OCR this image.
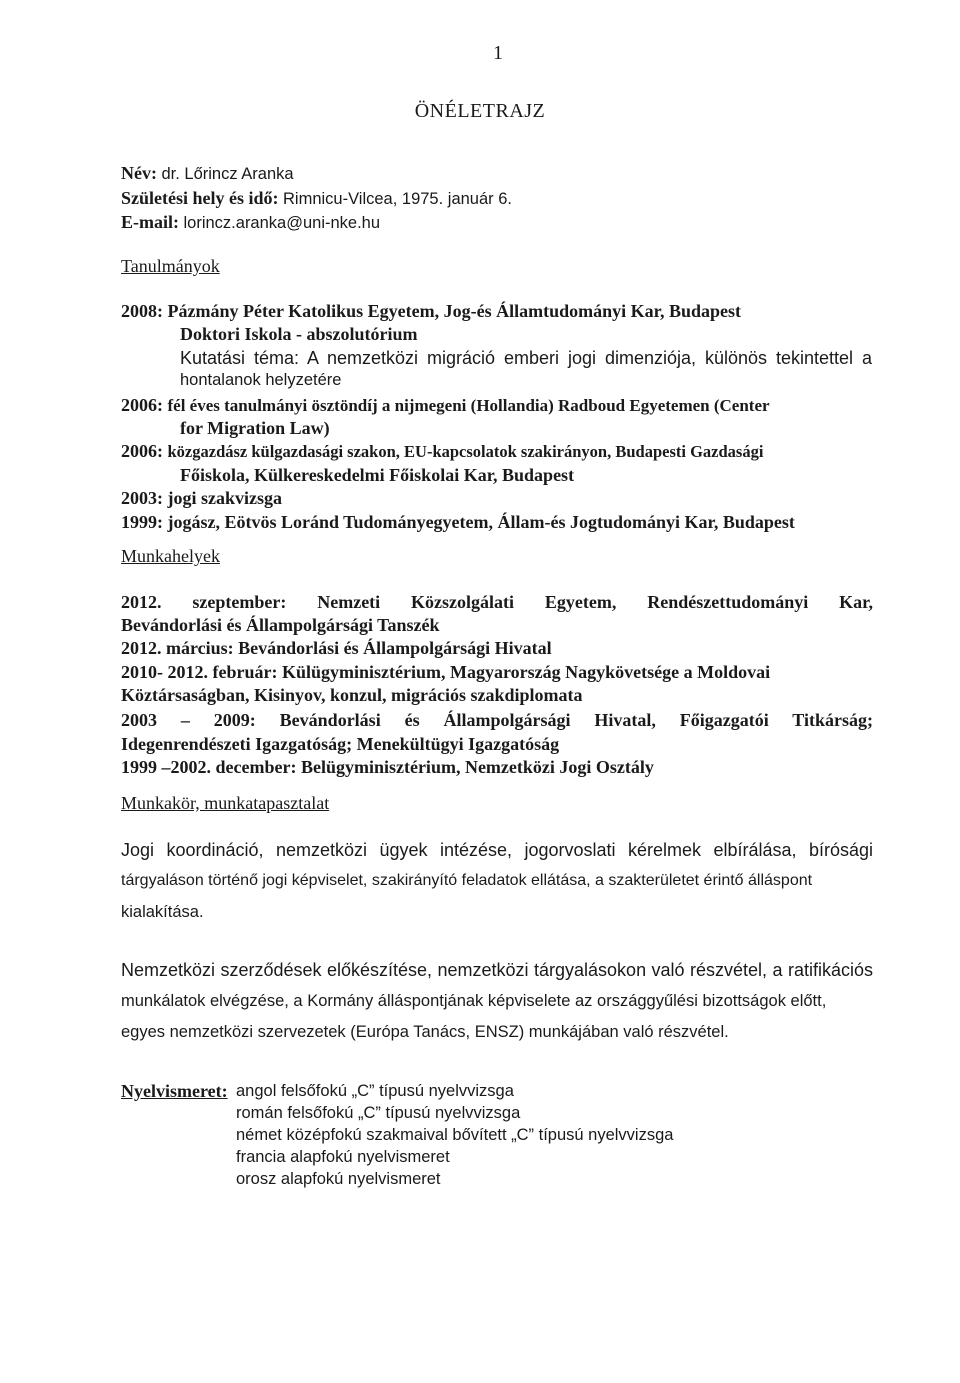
1
ÖNÉLETRAJZ
Név: dr. Lőrincz Aranka
Születési hely és idő: Rimnicu-Vilcea, 1975. január 6.
E-mail: lorincz.aranka@uni-nke.hu
Tanulmányok
2008: Pázmány Péter Katolikus Egyetem, Jog-és Államtudományi Kar, Budapest
Doktori Iskola - abszolutórium
Kutatási téma: A nemzetközi migráció emberi jogi dimenziója, különös tekintettel a
hontalanok helyzetére
2006: fél éves tanulmányi ösztöndíj a nijmegeni (Hollandia) Radboud Egyetemen (Center
for Migration Law)
2006: közgazdász külgazdasági szakon, EU-kapcsolatok szakirányon, Budapesti Gazdasági
Főiskola, Külkereskedelmi Főiskolai Kar, Budapest
2003: jogi szakvizsga
1999: jogász, Eötvös Loránd Tudományegyetem, Állam-és Jogtudományi Kar, Budapest
Munkahelyek
2012. szeptember: Nemzeti Közszolgálati Egyetem, Rendészettudományi Kar,
Bevándorlási és Állampolgársági Tanszék
2012. március: Bevándorlási és Állampolgársági Hivatal
2010- 2012. február: Külügyminisztérium, Magyarország Nagykövetsége a Moldovai
Köztársaságban, Kisinyov, konzul, migrációs szakdiplomata
2003 – 2009: Bevándorlási és Állampolgársági Hivatal, Főigazgatói Titkárság;
Idegenrendészeti Igazgatóság; Menekültügyi Igazgatóság
1999 –2002. december: Belügyminisztérium, Nemzetközi Jogi Osztály
Munkakör, munkatapasztalat
Jogi koordináció, nemzetközi ügyek intézése, jogorvoslati kérelmek elbírálása, bírósági
tárgyaláson történő jogi képviselet, szakirányító feladatok ellátása, a szakterületet érintő álláspont
kialakítása.
Nemzetközi szerződések előkészítése, nemzetközi tárgyalásokon való részvétel, a ratifikációs
munkálatok elvégzése, a Kormány álláspontjának képviselete az országgyűlési bizottságok előtt,
egyes nemzetközi szervezetek (Európa Tanács, ENSZ) munkájában való részvétel.
Nyelvismeret: angol felsőfokú „C” típusú nyelvvizsga
román felsőfokú „C” típusú nyelvvizsga
német középfokú szakmaival bővített „C” típusú nyelvvizsga
francia alapfokú nyelvismeret
orosz alapfokú nyelvismeret
